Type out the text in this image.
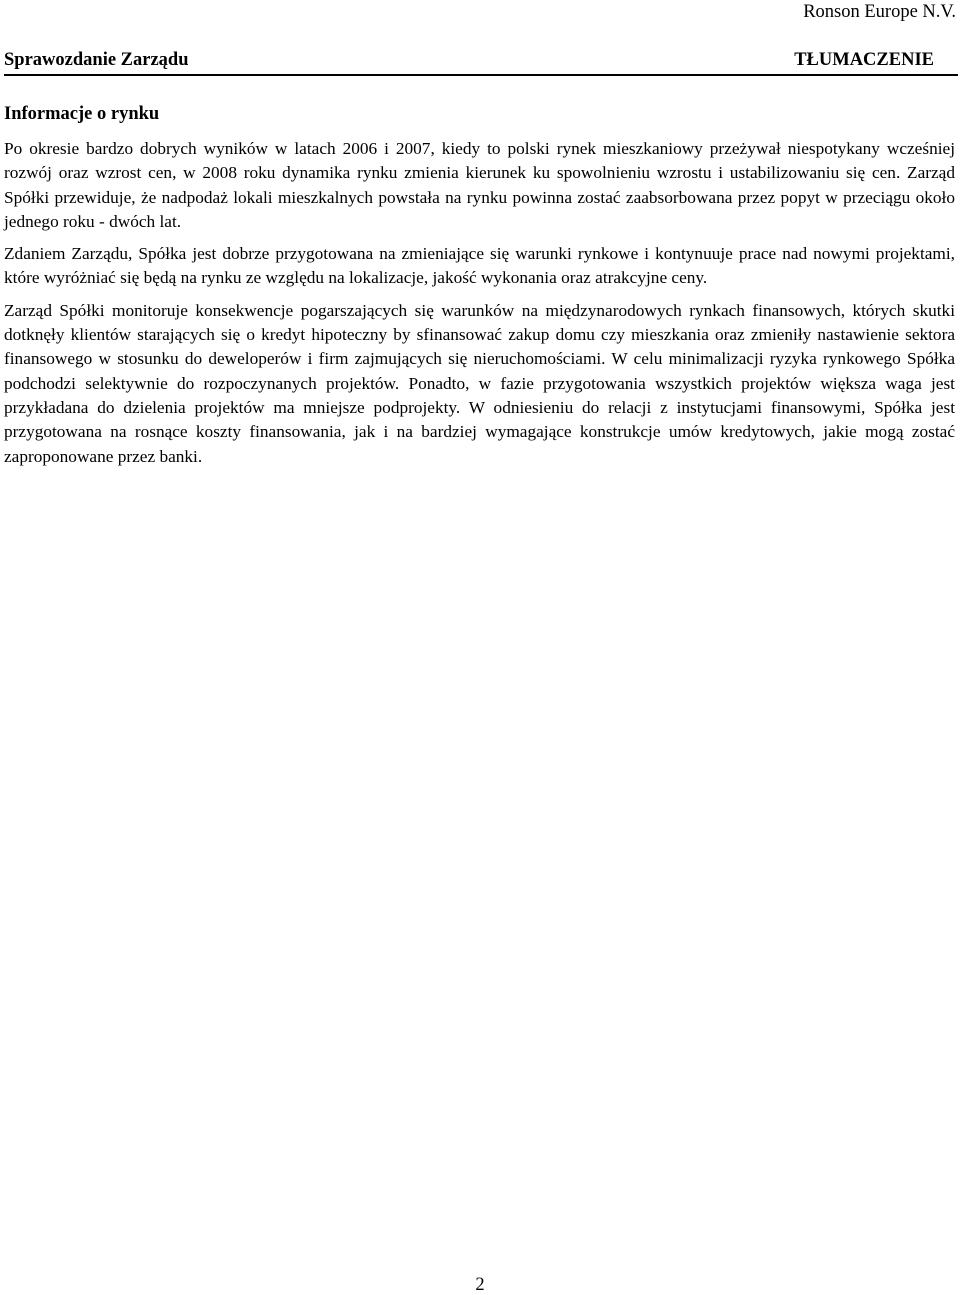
Ronson Europe N.V.
Sprawozdanie Zarządu	TŁUMACZENIE
Informacje o rynku

Po okresie bardzo dobrych wyników w latach 2006 i 2007, kiedy to polski rynek mieszkaniowy przeżywał niespotykany wcześniej rozwój oraz wzrost cen, w 2008 roku dynamika rynku zmienia kierunek ku spowolnieniu wzrostu i ustabilizowaniu się cen. Zarząd Spółki przewiduje, że nadpodaż lokali mieszkalnych powstała na rynku powinna zostać zaabsorbowana przez popyt w przeciągu około jednego roku - dwóch lat.

Zdaniem Zarządu, Spółka jest dobrze przygotowana na zmieniające się warunki rynkowe i kontynuuje prace nad nowymi projektami, które wyróżniać się będą na rynku ze względu na lokalizacje, jakość wykonania oraz atrakcyjne ceny.

Zarząd Spółki monitoruje konsekwencje pogarszających się warunków na międzynarodowych rynkach finansowych, których skutki dotknęły klientów starających się o kredyt hipoteczny by sfinansować zakup domu czy mieszkania oraz zmieniły nastawienie sektora finansowego w stosunku do deweloperów i firm zajmujących się nieruchomościami. W celu minimalizacji ryzyka rynkowego Spółka podchodzi selektywnie do rozpoczynanych projektów. Ponadto, w fazie przygotowania wszystkich projektów większa waga jest przykładana do dzielenia projektów ma mniejsze podprojekty. W odniesieniu do relacji z instytucjami finansowymi, Spółka jest przygotowana na rosnące koszty finansowania, jak i na bardziej wymagające konstrukcje umów kredytowych, jakie mogą zostać zaproponowane przez banki.

2
